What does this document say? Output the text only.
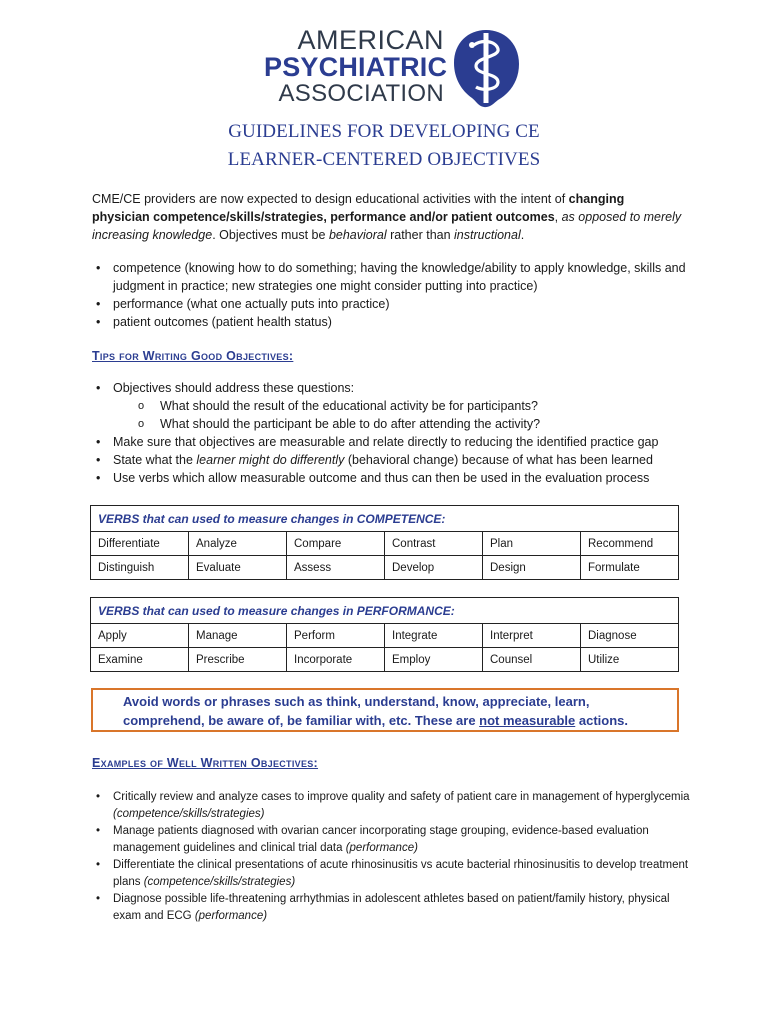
AMERICAN
PSYCHIATRIC
ASSOCIATION
GUIDELINES FOR DEVELOPING CE
LEARNER-CENTERED OBJECTIVES

CME/CE providers are now expected to design educational activities with the intent of changing physician competence/skills/strategies, performance and/or patient outcomes, as opposed to merely increasing knowledge. Objectives must be behavioral rather than instructional.

• competence (knowing how to do something; having the knowledge/ability to apply knowledge, skills and judgment in practice; new strategies one might consider putting into practice)
• performance (what one actually puts into practice)
• patient outcomes (patient health status)
Tips for Writing Good Objectives:
• Objectives should address these questions:
o What should the result of the educational activity be for participants?
o What should the participant be able to do after attending the activity?
• Make sure that objectives are measurable and relate directly to reducing the identified practice gap
• State what the learner might do differently (behavioral change) because of what has been learned
• Use verbs which allow measurable outcome and thus can then be used in the evaluation process
VERBS that can used to measure changes in COMPETENCE:					
Differentiate	Analyze	Compare	Contrast	Plan	Recommend
Distinguish	Evaluate	Assess	Develop	Design	Formulate
VERBS that can used to measure changes in PERFORMANCE:					
Apply	Manage	Perform	Integrate	Interpret	Diagnose
Examine	Prescribe	Incorporate	Employ	Counsel	Utilize
Avoid words or phrases such as think, understand, know, appreciate, learn, comprehend, be aware of, be familiar with, etc. These are not measurable actions.
Examples of Well Written Objectives:
• Critically review and analyze cases to improve quality and safety of patient care in management of hyperglycemia (competence/skills/strategies)
• Manage patients diagnosed with ovarian cancer incorporating stage grouping, evidence-based evaluation management guidelines and clinical trial data (performance)
• Differentiate the clinical presentations of acute rhinosinusitis vs acute bacterial rhinosinusitis to develop treatment plans (competence/skills/strategies)
• Diagnose possible life-threatening arrhythmias in adolescent athletes based on patient/family history, physical exam and ECG (performance)
